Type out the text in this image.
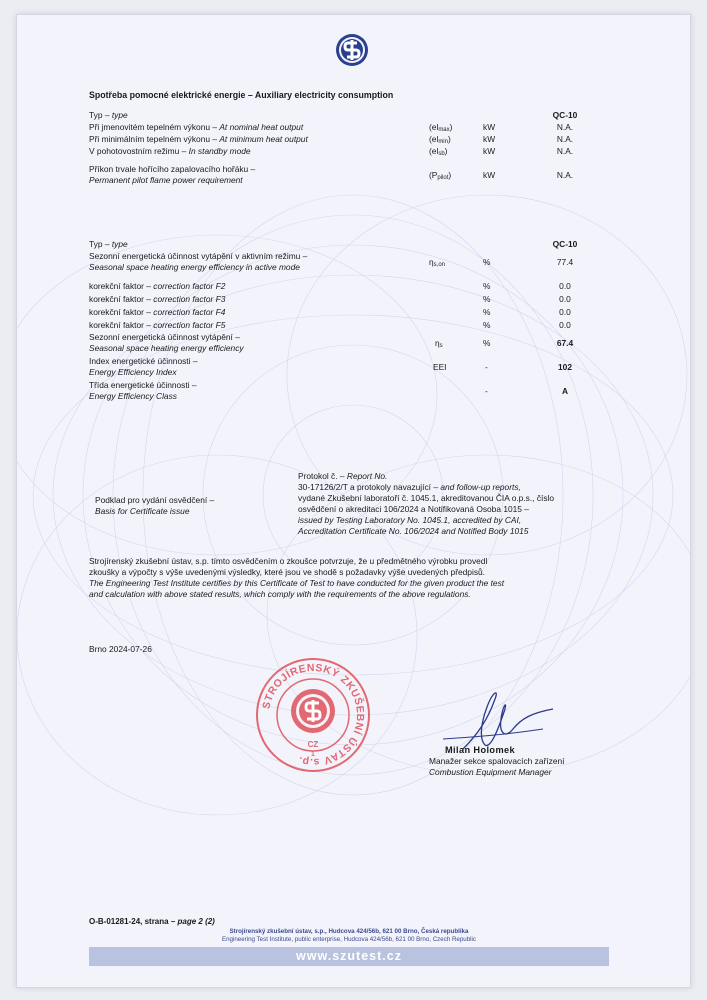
Spotřeba pomocné elektrické energie – Auxiliary electricity consumption
Typ – type	QC-10
Při jmenovitém tepelném výkonu – At nominal heat output	$(el_{max})$	kW	N.A.
Při minimálním tepelném výkonu – At minimum heat output	$(el_{min})$	kW	N.A.
V pohotovostním režimu – In standby mode	$(el_{sb})$	kW	N.A.
Příkon trvale hořícího zapalovacího hořáku –
Permanent pilot flame power requirement	$(P_{pilot})$	kW	N.A.
Typ – type	QC-10
Sezonní energetická účinnost vytápění v aktivním režimu –
Seasonal space heating energy efficiency in active mode	$\eta_{s,on}$	%	77.4
korekční faktor – correction factor F2	%	0.0
korekční faktor – correction factor F3	%	0.0
korekční faktor – correction factor F4	%	0.0
korekční faktor – correction factor F5	%	0.0
Sezonní energetická účinnost vytápění –
Seasonal space heating energy efficiency	$\eta_s$	%	67.4
Index energetické účinnosti –
Energy Efficiency Index	EEI	-	102
Třída energetické účinnosti –
Energy Efficiency Class	-	A
Podklad pro vydání osvědčení –
Basis for Certificate issue
Protokol č. – Report No.
30-17126/2/T a protokoly navazující – and follow-up reports,
vydané Zkušební laboratoří č. 1045.1, akreditovanou ČIA o.p.s., číslo
osvědčení o akreditaci 106/2024 a Notifikovaná Osoba 1015 –
issued by Testing Laboratory No. 1045.1, accredited by CAI,
Accreditation Certificate No. 106/2024 and Notified Body 1015
Strojírenský zkušební ústav, s.p. tímto osvědčením o zkoušce potvrzuje, že u předmětného výrobku provedl
zkoušky a výpočty s výše uvedenými výsledky, které jsou ve shodě s požadavky výše uvedených předpisů.
The Engineering Test Institute certifies by this Certificate of Test to have conducted for the given product the test
and calculation with above stated results, which comply with the requirements of the above regulations.
Brno 2024-07-26
STROJÍRENSKÝ ZKUŠEBNÍ ÚSTAV s.p.
CZ
1	Milan Holomek
Manažer sekce spalovacích zařízení
Combustion Equipment Manager
O-B-01281-24, strana – page 2 (2)
Strojírenský zkušební ústav, s.p., Hudcova 424/56b, 621 00 Brno, Česká republika
Engineering Test Institute, public enterprise, Hudcova 424/56b, 621 00 Brno, Czech Republic
www.szutest.cz
